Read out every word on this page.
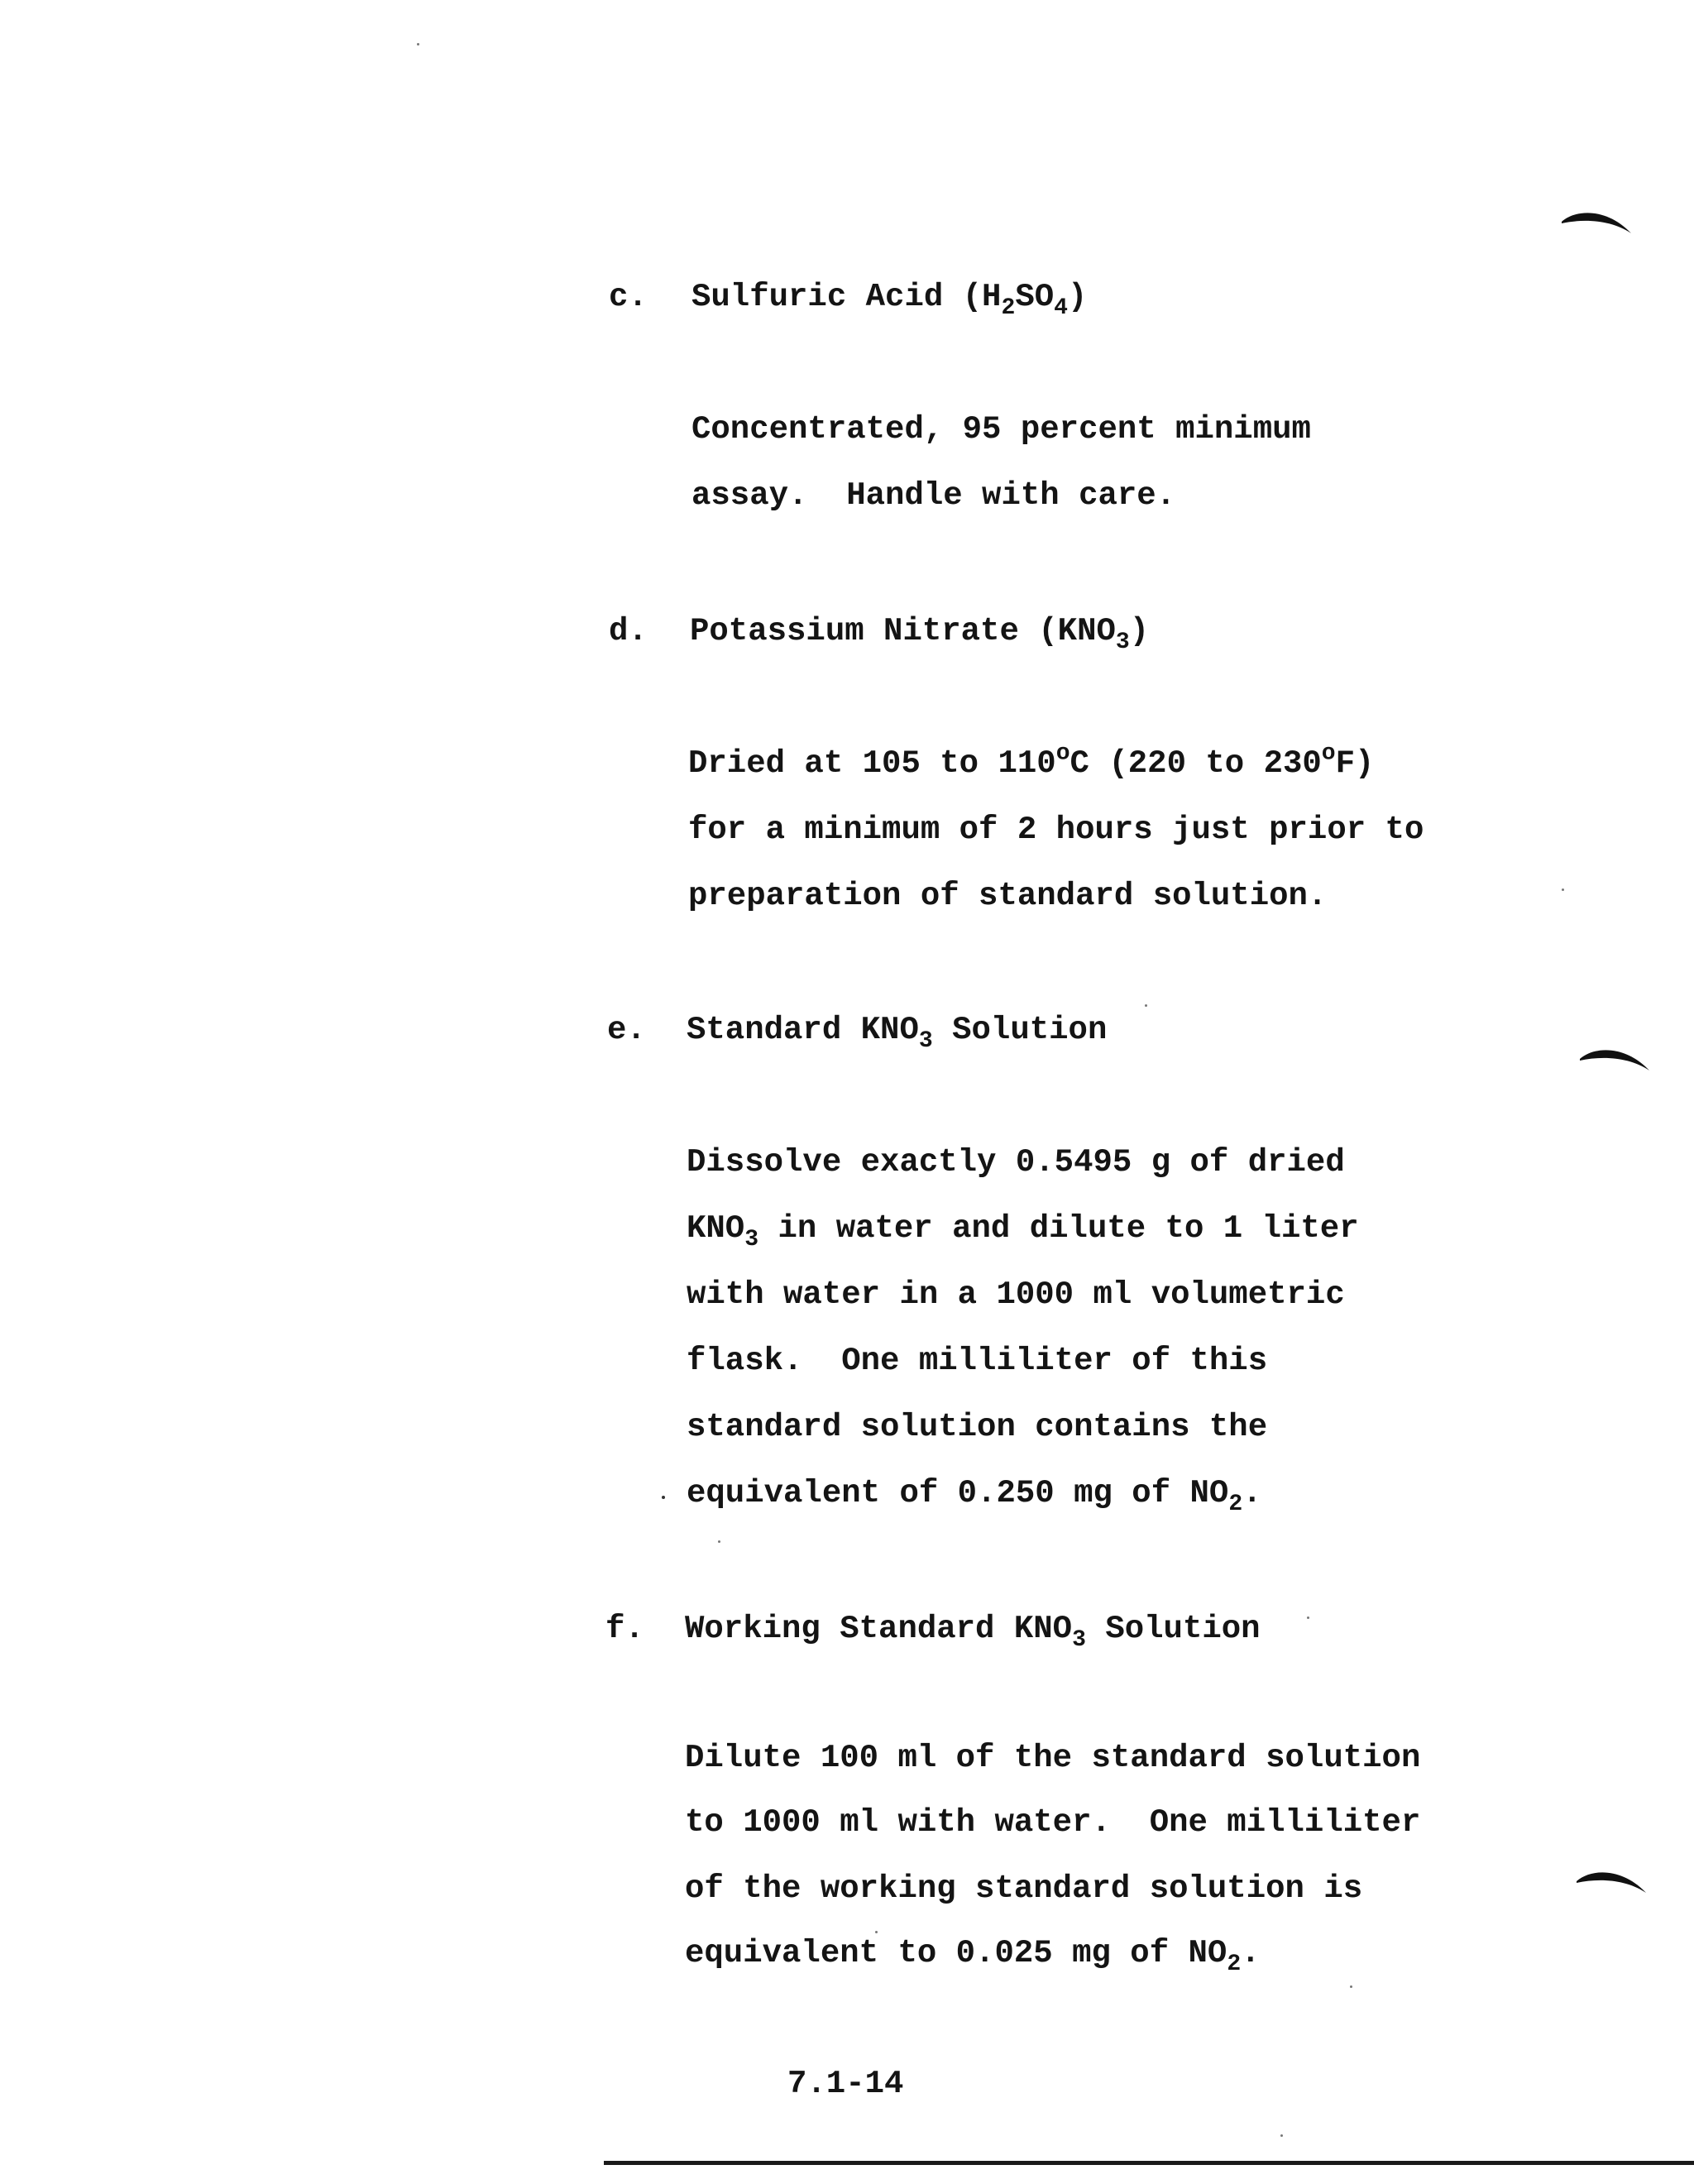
c. Sulfuric Acid $(H_2SO_4)$
Concentrated, 95 percent minimum
assay.  Handle with care.
d. Potassium Nitrate $(KNO_3)$
Dried at 105 to 110$^o$C (220 to 230$^o$F)
for a minimum of 2 hours just prior to
preparation of standard solution.
e. Standard $KNO_3$ Solution
Dissolve exactly 0.5495 g of dried
$KNO_3$ in water and dilute to 1 liter
with water in a 1000 ml volumetric
flask.  One milliliter of this
standard solution contains the
equivalent of 0.250 mg of $NO_2$.
f. Working Standard $KNO_3$ Solution
Dilute 100 ml of the standard solution
to 1000 ml with water.  One milliliter
of the working standard solution is
equivalent to 0.025 mg of $NO_2$.
7.1-14
